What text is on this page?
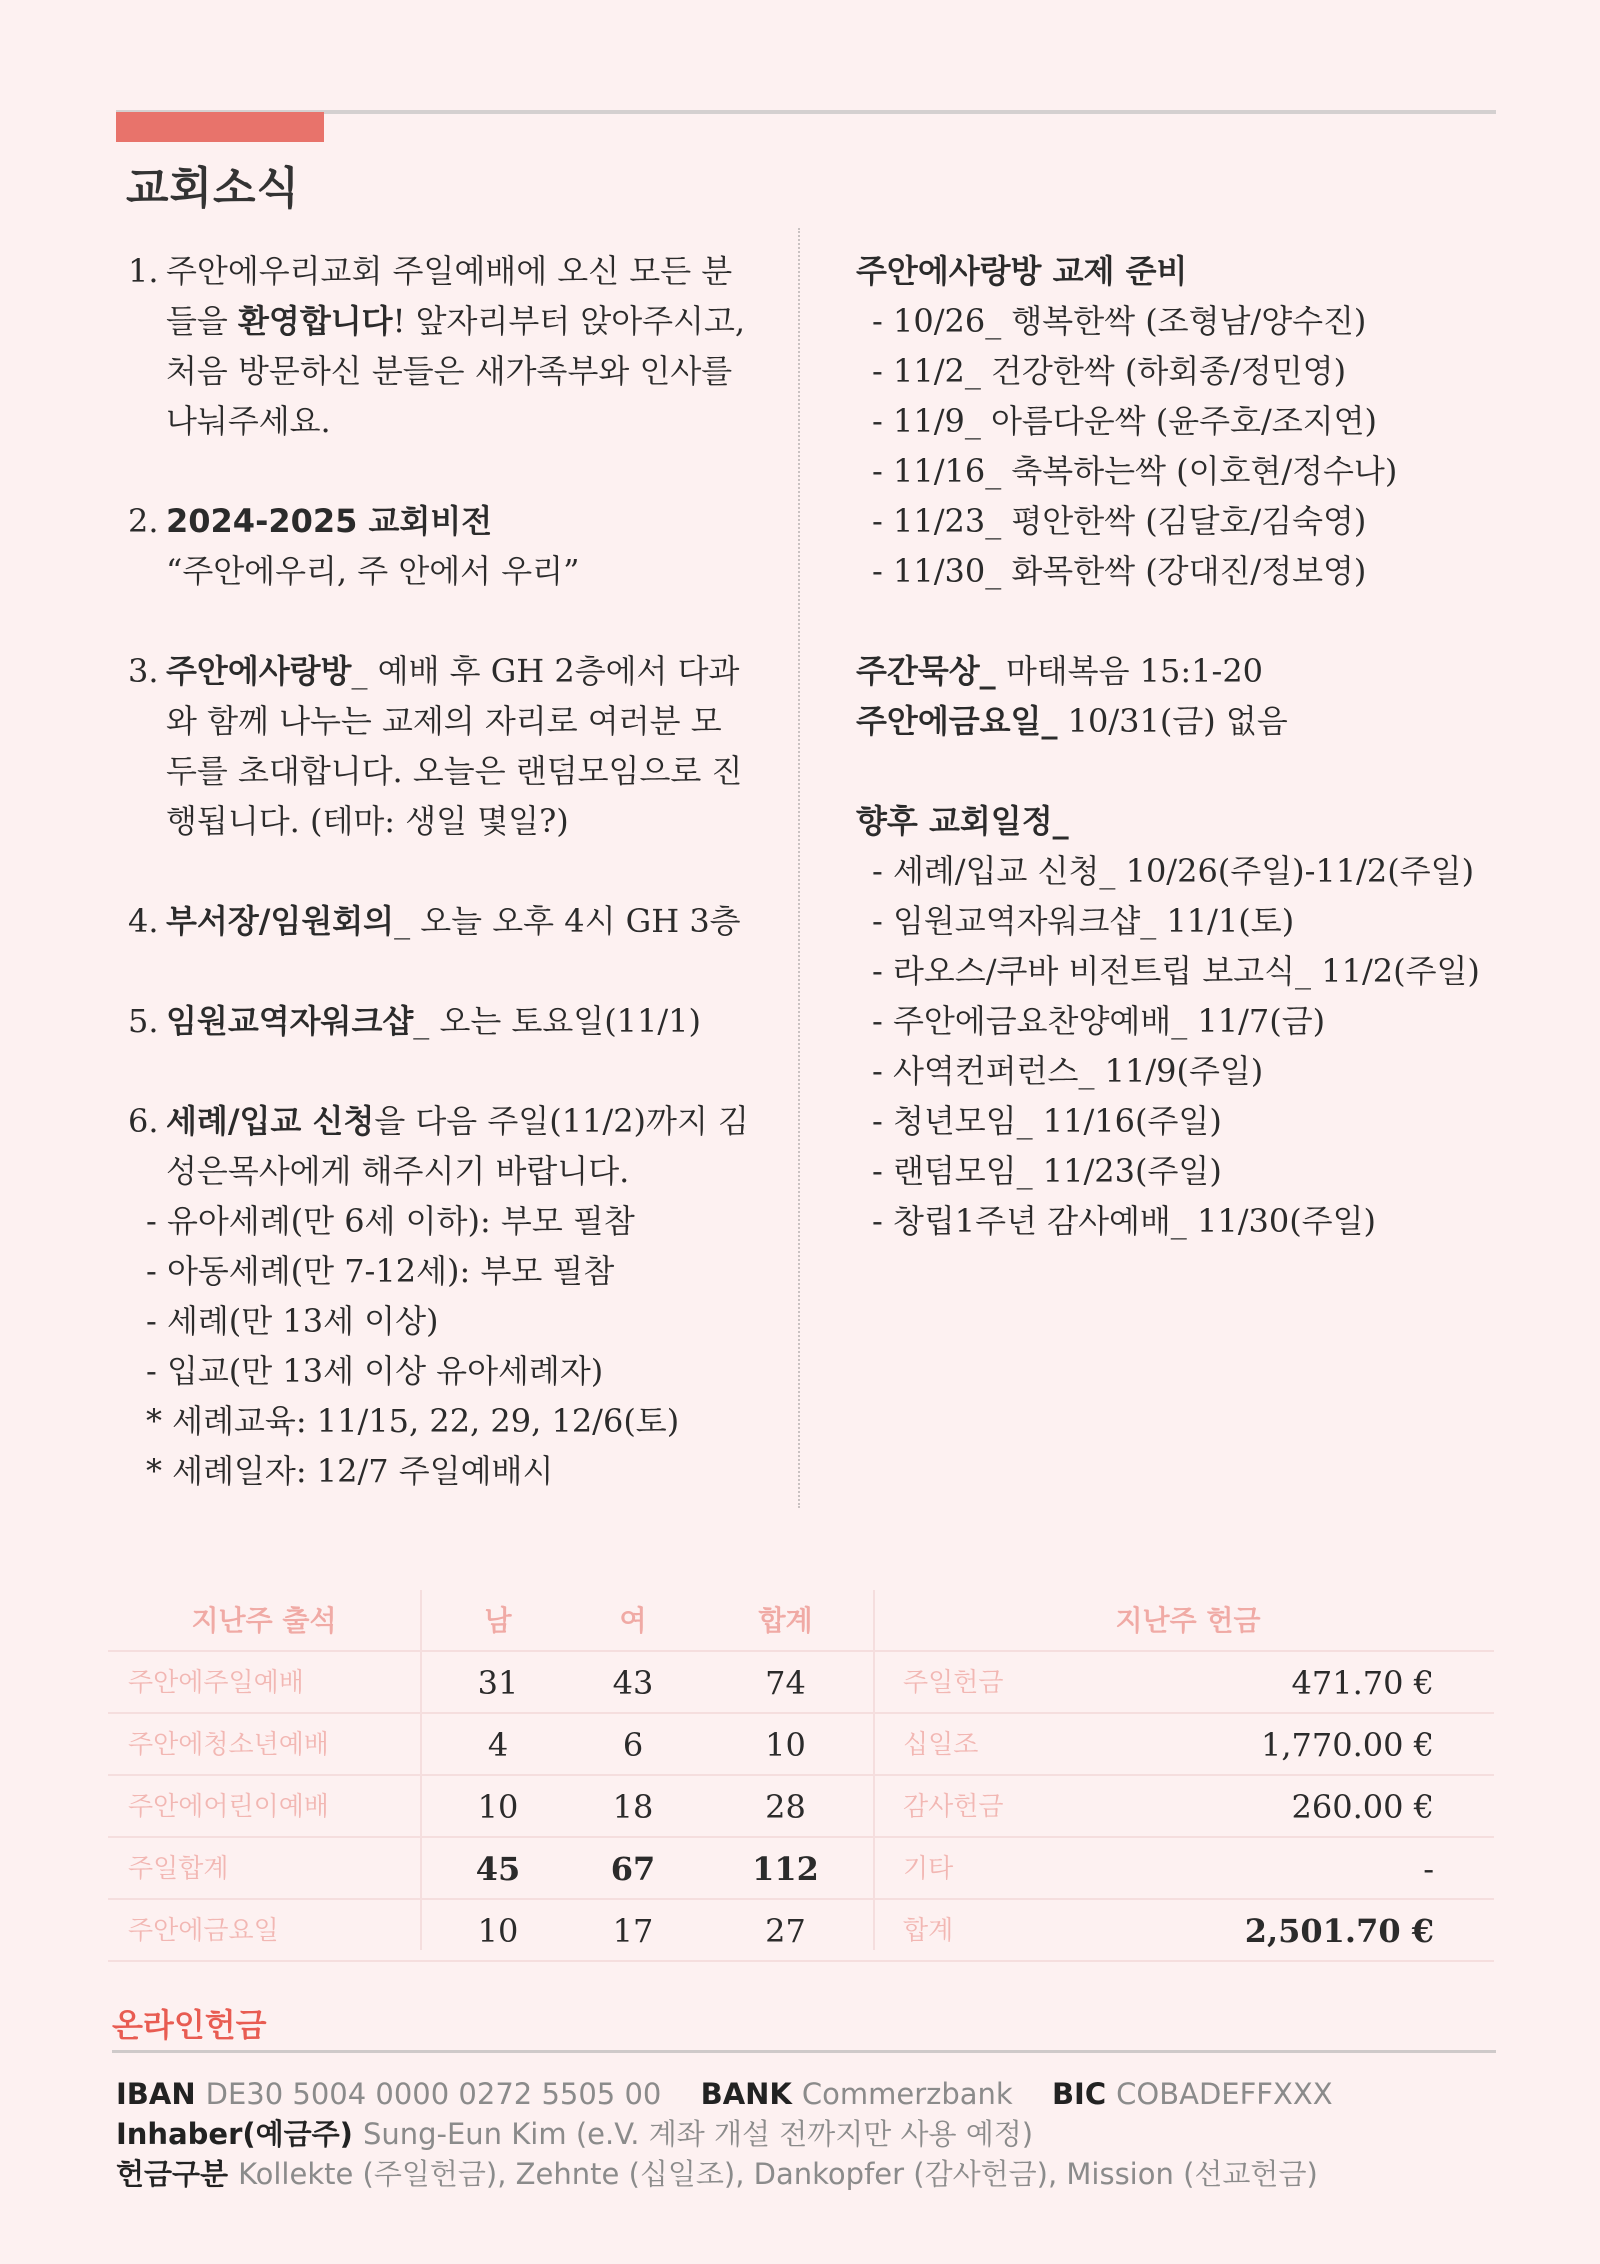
교회소식
1. 주안에우리교회 주일예배에 오신 모든 분
들을 환영합니다! 앞자리부터 앉아주시고,
처음 방문하신 분들은 새가족부와 인사를
나눠주세요.
2. 2024-2025 교회비전
“주안에우리, 주 안에서 우리”
3. 주안에사랑방_ 예배 후 GH 2층에서 다과
와 함께 나누는 교제의 자리로 여러분 모
두를 초대합니다. 오늘은 랜덤모임으로 진
행됩니다. (테마: 생일 몇일?)
4. 부서장/임원회의_ 오늘 오후 4시 GH 3층
5. 임원교역자워크샵_ 오는 토요일(11/1)
6. 세례/입교 신청을 다음 주일(11/2)까지 김
성은목사에게 해주시기 바랍니다.
- 유아세례(만 6세 이하): 부모 필참
- 아동세례(만 7-12세): 부모 필참
- 세례(만 13세 이상)
- 입교(만 13세 이상 유아세례자)
* 세례교육: 11/15, 22, 29, 12/6(토)
* 세례일자: 12/7 주일예배시
주안에사랑방 교제 준비
- 10/26_ 행복한싹 (조형남/양수진)
- 11/2_ 건강한싹 (하회종/정민영)
- 11/9_ 아름다운싹 (윤주호/조지연)
- 11/16_ 축복하는싹 (이호현/정수나)
- 11/23_ 평안한싹 (김달호/김숙영)
- 11/30_ 화목한싹 (강대진/정보영)
주간묵상_ 마태복음 15:1-20
주안에금요일_ 10/31(금) 없음
향후 교회일정_
- 세례/입교 신청_ 10/26(주일)-11/2(주일)
- 임원교역자워크샵_ 11/1(토)
- 라오스/쿠바 비전트립 보고식_ 11/2(주일)
- 주안에금요찬양예배_ 11/7(금)
- 사역컨퍼런스_ 11/9(주일)
- 청년모임_ 11/16(주일)
- 랜덤모임_ 11/23(주일)
- 창립1주년 감사예배_ 11/30(주일)
지난주 출석	남	여	합계	지난주 헌금
주안에주일예배	31	43	74	주일헌금	471.70 €
주안에청소년예배	4	6	10	십일조	1,770.00 €
주안에어린이예배	10	18	28	감사헌금	260.00 €
주일합계	45	67	112	기타	-
주안에금요일	10	17	27	합계	2,501.70 €
온라인헌금
IBAN DE30 5004 0000 0272 5505 00 BANK Commerzbank BIC COBADEFFXXX
Inhaber(예금주) Sung-Eun Kim (e.V. 계좌 개설 전까지만 사용 예정)
헌금구분 Kollekte (주일헌금), Zehnte (십일조), Dankopfer (감사헌금), Mission (선교헌금)
